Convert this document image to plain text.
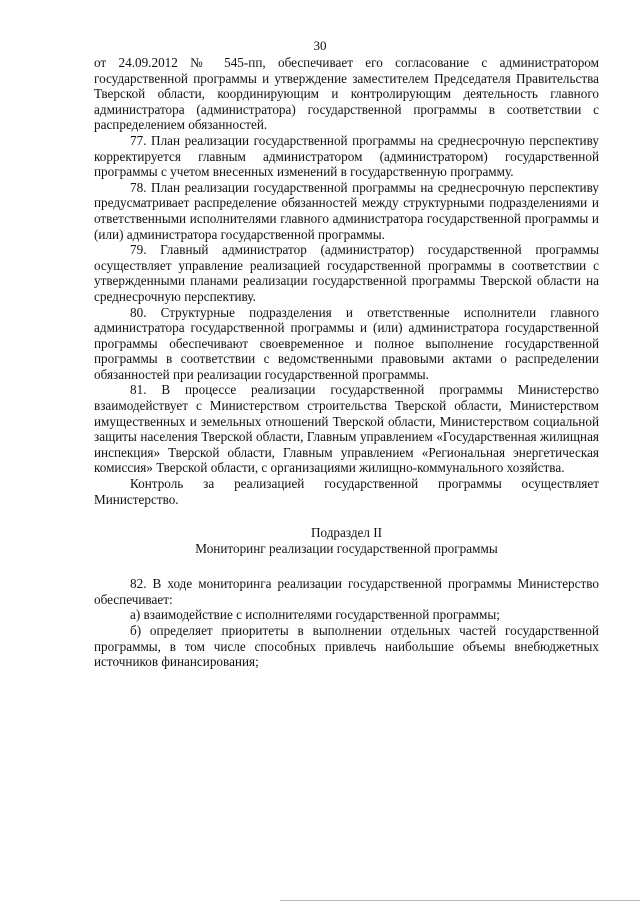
30

от 24.09.2012 № 545-пп, обеспечивает его согласование с администратором государственной программы и утверждение заместителем Председателя Правительства Тверской области, координирующим и контролирующим деятельность главного администратора (администратора) государственной программы в соответствии с распределением обязанностей.

77. План реализации государственной программы на среднесрочную перспективу корректируется главным администратором (администратором) государственной программы с учетом внесенных изменений в государственную программу.

78. План реализации государственной программы на среднесрочную перспективу предусматривает распределение обязанностей между структурными подразделениями и ответственными исполнителями главного администратора государственной программы и (или) администратора государственной программы.

79. Главный администратор (администратор) государственной программы осуществляет управление реализацией государственной программы в соответствии с утвержденными планами реализации государственной программы Тверской области на среднесрочную перспективу.

80. Структурные подразделения и ответственные исполнители главного администратора государственной программы и (или) администратора государственной программы обеспечивают своевременное и полное выполнение государственной программы в соответствии с ведомственными правовыми актами о распределении обязанностей при реализации государственной программы.

81. В процессе реализации государственной программы Министерство взаимодействует с Министерством строительства Тверской области, Министерством имущественных и земельных отношений Тверской области, Министерством социальной защиты населения Тверской области, Главным управлением «Государственная жилищная инспекция» Тверской области, Главным управлением «Региональная энергетическая комиссия» Тверской области, с организациями жилищно-коммунального хозяйства.

Контроль за реализацией государственной программы осуществляет Министерство.

Подраздел II
Мониторинг реализации государственной программы

82. В ходе мониторинга реализации государственной программы Министерство обеспечивает:

а) взаимодействие с исполнителями государственной программы;

б) определяет приоритеты в выполнении отдельных частей государственной программы, в том числе способных привлечь наибольшие объемы внебюджетных источников финансирования;
